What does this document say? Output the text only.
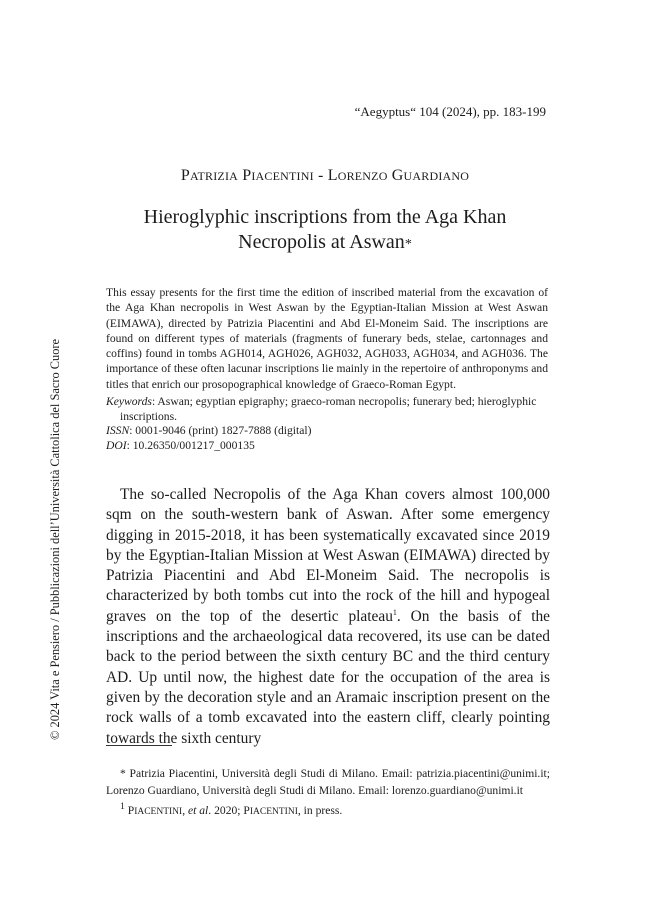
“Aegyptus“ 104 (2024), pp. 183-199
PATRIZIA PIACENTINI - LORENZO GUARDIANO
Hieroglyphic inscriptions from the Aga Khan
Necropolis at Aswan*
This essay presents for the first time the edition of inscribed material from the excavation of the Aga Khan necropolis in West Aswan by the Egyptian-Italian Mission at West Aswan (EIMAWA), directed by Patrizia Piacentini and Abd El-Moneim Said. The inscriptions are found on different types of materials (fragments of funerary beds, stelae, cartonnages and coffins) found in tombs AGH014, AGH026, AGH032, AGH033, AGH034, and AGH036. The importance of these often lacunar inscriptions lie mainly in the repertoire of anthroponyms and titles that enrich our prosopographical knowledge of Graeco-Roman Egypt.
Keywords: Aswan; egyptian epigraphy; graeco-roman necropolis; funerary bed; hieroglyphic
inscriptions.
ISSN: 0001-9046 (print) 1827-7888 (digital)
DOI: 10.26350/001217_000135
The so-called Necropolis of the Aga Khan covers almost 100,000 sqm on the south-western bank of Aswan. After some emergency digging in 2015-2018, it has been systematically excavated since 2019 by the Egyptian-Italian Mission at West Aswan (EIMAWA) directed by Patrizia Piacentini and Abd El-Moneim Said. The necropolis is characterized by both tombs cut into the rock of the hill and hypogeal graves on the top of the desertic plateau$^1$. On the basis of the inscriptions and the archaeological data recovered, its use can be dated back to the period between the sixth century BC and the third century AD. Up until now, the highest date for the occupation of the area is given by the decoration style and an Aramaic inscription present on the rock walls of a tomb excavated into the eastern cliff, clearly pointing towards the sixth century
* Patrizia Piacentini, Università degli Studi di Milano. Email: patrizia.piacentini@unimi.it; Lorenzo Guardiano, Università degli Studi di Milano. Email: lorenzo.guardiano@unimi.it
$^1$ PIACENTINI, et al. 2020; PIACENTINI, in press.
© 2024 Vita e Pensiero / Pubblicazioni dell’Università Cattolica del Sacro Cuore
